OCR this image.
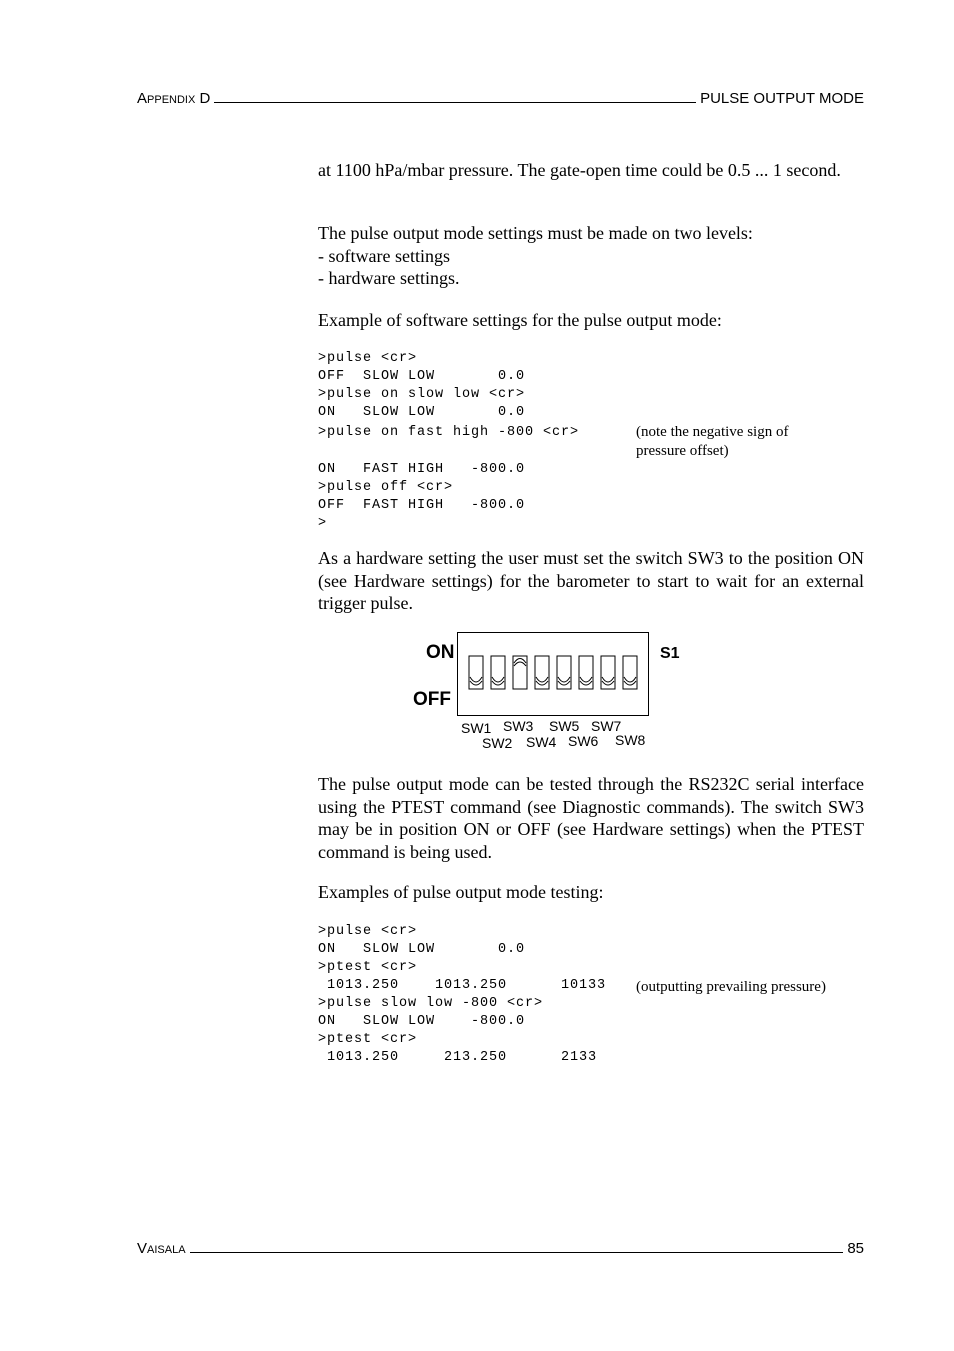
APPENDIX D	PULSE OUTPUT MODE
at 1100 hPa/mbar pressure. The gate-open time could be 0.5 ... 1 second.
The pulse output mode settings must be made on two levels:
- software settings
- hardware settings.
Example of software settings for the pulse output mode:
>pulse <cr>
OFF  SLOW LOW       0.0
>pulse on slow low <cr>
ON   SLOW LOW       0.0
>pulse on fast high -800 <cr>
ON   FAST HIGH   -800.0
>pulse off <cr>
OFF  FAST HIGH   -800.0
>
(note the negative sign of
pressure offset)
As a hardware setting the user must set the switch SW3 to the position ON (see Hardware settings) for the barometer to start to wait for an external trigger pulse.
ON
OFF
S1
SW1
SW2
SW3
SW4
SW5
SW6
SW7
SW8
The pulse output mode can be tested through the RS232C serial interface using the PTEST command (see Diagnostic commands). The switch SW3 may be in position ON or OFF (see Hardware settings) when the PTEST command is being used.
Examples of pulse output mode testing:
>pulse <cr>
ON   SLOW LOW       0.0
>ptest <cr>
1013.250    1013.250      10133
>pulse slow low -800 <cr>
ON   SLOW LOW    -800.0
>ptest <cr>
1013.250     213.250      2133
(outputting prevailing pressure)
VAISALA	85
